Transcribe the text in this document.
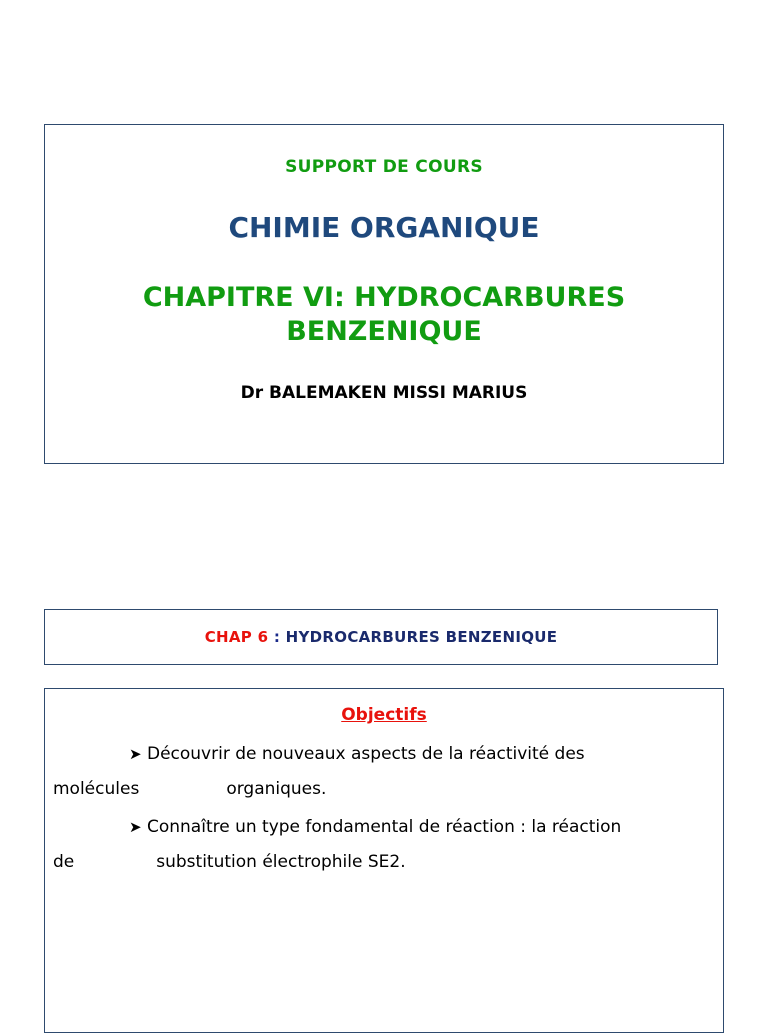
SUPPORT DE COURS

CHIMIE ORGANIQUE

CHAPITRE VI: HYDROCARBURES
BENZENIQUE

Dr BALEMAKEN MISSI MARIUS

CHAP 6 : HYDROCARBURES BENZENIQUE

Objectifs

➤ Découvrir de nouveaux aspects de la réactivité des
molécules	organiques.
➤ Connaître un type fondamental de réaction : la réaction
de	substitution électrophile SE2.
